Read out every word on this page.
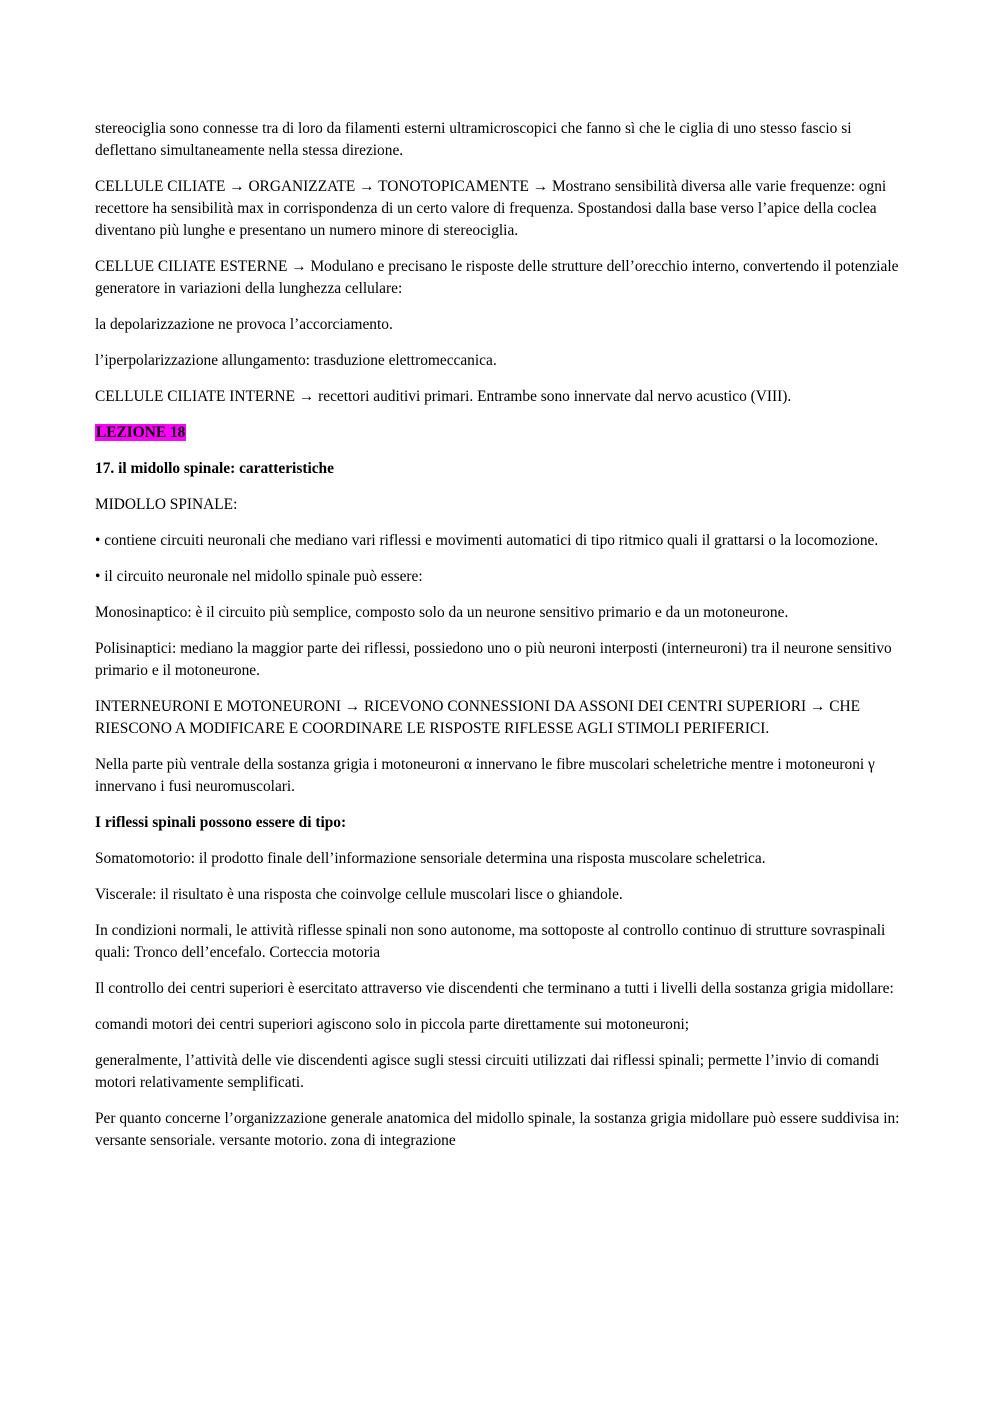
stereociglia sono connesse tra di loro da filamenti esterni ultramicroscopici che fanno sì che le ciglia di uno stesso fascio si deflettano simultaneamente nella stessa direzione.

CELLULE CILIATE → ORGANIZZATE → TONOTOPICAMENTE → Mostrano sensibilità diversa alle varie frequenze: ogni recettore ha sensibilità max in corrispondenza di un certo valore di frequenza. Spostandosi dalla base verso l’apice della coclea diventano più lunghe e presentano un numero minore di stereociglia.

CELLUE CILIATE ESTERNE → Modulano e precisano le risposte delle strutture dell’orecchio interno, convertendo il potenziale generatore in variazioni della lunghezza cellulare:

la depolarizzazione ne provoca l’accorciamento.

l’iperpolarizzazione allungamento: trasduzione elettromeccanica.

CELLULE CILIATE INTERNE → recettori auditivi primari. Entrambe sono innervate dal nervo acustico (VIII).

LEZIONE 18

17. il midollo spinale: caratteristiche

MIDOLLO SPINALE:

• contiene circuiti neuronali che mediano vari riflessi e movimenti automatici di tipo ritmico quali il grattarsi o la locomozione.

• il circuito neuronale nel midollo spinale può essere:

Monosinaptico: è il circuito più semplice, composto solo da un neurone sensitivo primario e da un motoneurone.

Polisinaptici: mediano la maggior parte dei riflessi, possiedono uno o più neuroni interposti (interneuroni) tra il neurone sensitivo primario e il motoneurone.

INTERNEURONI E MOTONEURONI → RICEVONO CONNESSIONI DA ASSONI DEI CENTRI SUPERIORI → CHE RIESCONO A MODIFICARE E COORDINARE LE RISPOSTE RIFLESSE AGLI STIMOLI PERIFERICI.

Nella parte più ventrale della sostanza grigia i motoneuroni α innervano le fibre muscolari scheletriche mentre i motoneuroni γ innervano i fusi neuromuscolari.

I riflessi spinali possono essere di tipo:

Somatomotorio: il prodotto finale dell’informazione sensoriale determina una risposta muscolare scheletrica.

Viscerale: il risultato è una risposta che coinvolge cellule muscolari lisce o ghiandole.

In condizioni normali, le attività riflesse spinali non sono autonome, ma sottoposte al controllo continuo di strutture sovraspinali quali: Tronco dell’encefalo. Corteccia motoria

Il controllo dei centri superiori è esercitato attraverso vie discendenti che terminano a tutti i livelli della sostanza grigia midollare:

comandi motori dei centri superiori agiscono solo in piccola parte direttamente sui motoneuroni;

generalmente, l’attività delle vie discendenti agisce sugli stessi circuiti utilizzati dai riflessi spinali; permette l’invio di comandi motori relativamente semplificati.

Per quanto concerne l’organizzazione generale anatomica del midollo spinale, la sostanza grigia midollare può essere suddivisa in: versante sensoriale. versante motorio. zona di integrazione
